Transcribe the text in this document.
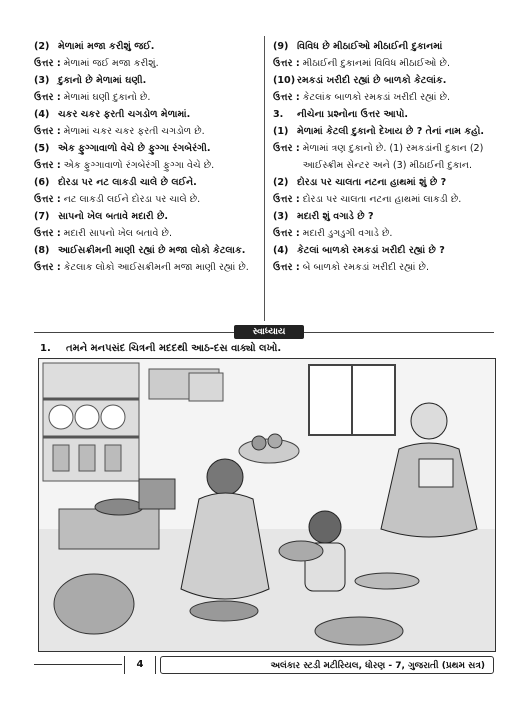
(2) મેળામાં મજા કરીશું જઈ.
ઉત્તર : મેળામાં જઈ મજા કરીશું.
(3) દુકાનો છે મેળામાં ઘણી.
ઉત્તર : મેળામાં ઘણી દુકાનો છે.
(4) ચકર ચકર ફરતી ચગડોળ મેળામાં.
ઉત્તર : મેળામાં ચકર ચકર ફરતી ચગડોળ છે.
(5) એક ફુગ્ગાવાળો વેચે છે ફુગ્ગા રંગબેરંગી.
ઉત્તર : એક ફુગ્ગાવાળો રંગબેરંગી ફુગ્ગા વેચે છે.
(6) દોરડા પર નટ લાકડી ચાલે છે લઈને.
ઉત્તર : નટ લાકડી લઈને દોરડા પર ચાલે છે.
(7) સાપનો ખેલ બતાવે મદારી છે.
ઉત્તર : મદારી સાપનો ખેલ બતાવે છે.
(8) આઈસક્રીમની માણી રહ્યાં છે મજા લોકો કેટલાક.
ઉત્તર : કેટલાક લોકો આઈસક્રીમની મજા માણી રહ્યાં છે.
(9) વિવિધ છે મીઠાઈઓ મીઠાઈની દુકાનમાં
ઉત્તર : મીઠાઈની દુકાનમાં વિવિધ મીઠાઈઓ છે.
(10) રમકડાં ખરીદી રહ્યાં છે બાળકો કેટલાંક.
ઉત્તર : કેટલાંક બાળકો રમકડાં ખરીદી રહ્યાં છે.
3.	નીચેના પ્રશ્નોના ઉત્તર આપો.
(1) મેળામાં કેટલી દુકાનો દેખાય છે ? તેનાં નામ કહો.
ઉત્તર : મેળામાં ત્રણ દુકાનો છે. (1) રમકડાંની દુકાન (2) આઈસ્ક્રીમ સેન્ટર અને (3) મીઠાઈની દુકાન.
(2) દોરડા પર ચાલતા નટના હાથમાં શું છે ?
ઉત્તર : દોરડા પર ચાલતા નટના હાથમાં લાકડી છે.
(3) મદારી શું વગાડે છે ?
ઉત્તર : મદારી ડુગડુગી વગાડે છે.
(4) કેટલાં બાળકો રમકડાં ખરીદી રહ્યાં છે ?
ઉત્તર : બે બાળકો રમકડાં ખરીદી રહ્યાં છે.
સ્વાધ્યાય
1.	તમને મનપસંદ ચિત્રની મદદથી આઠ-દસ વાક્યો લખો.
4	અલંકાર સ્ટડી મટીરિયલ, ધોરણ - 7, ગુજરાતી (પ્રથમ સત્ર)
